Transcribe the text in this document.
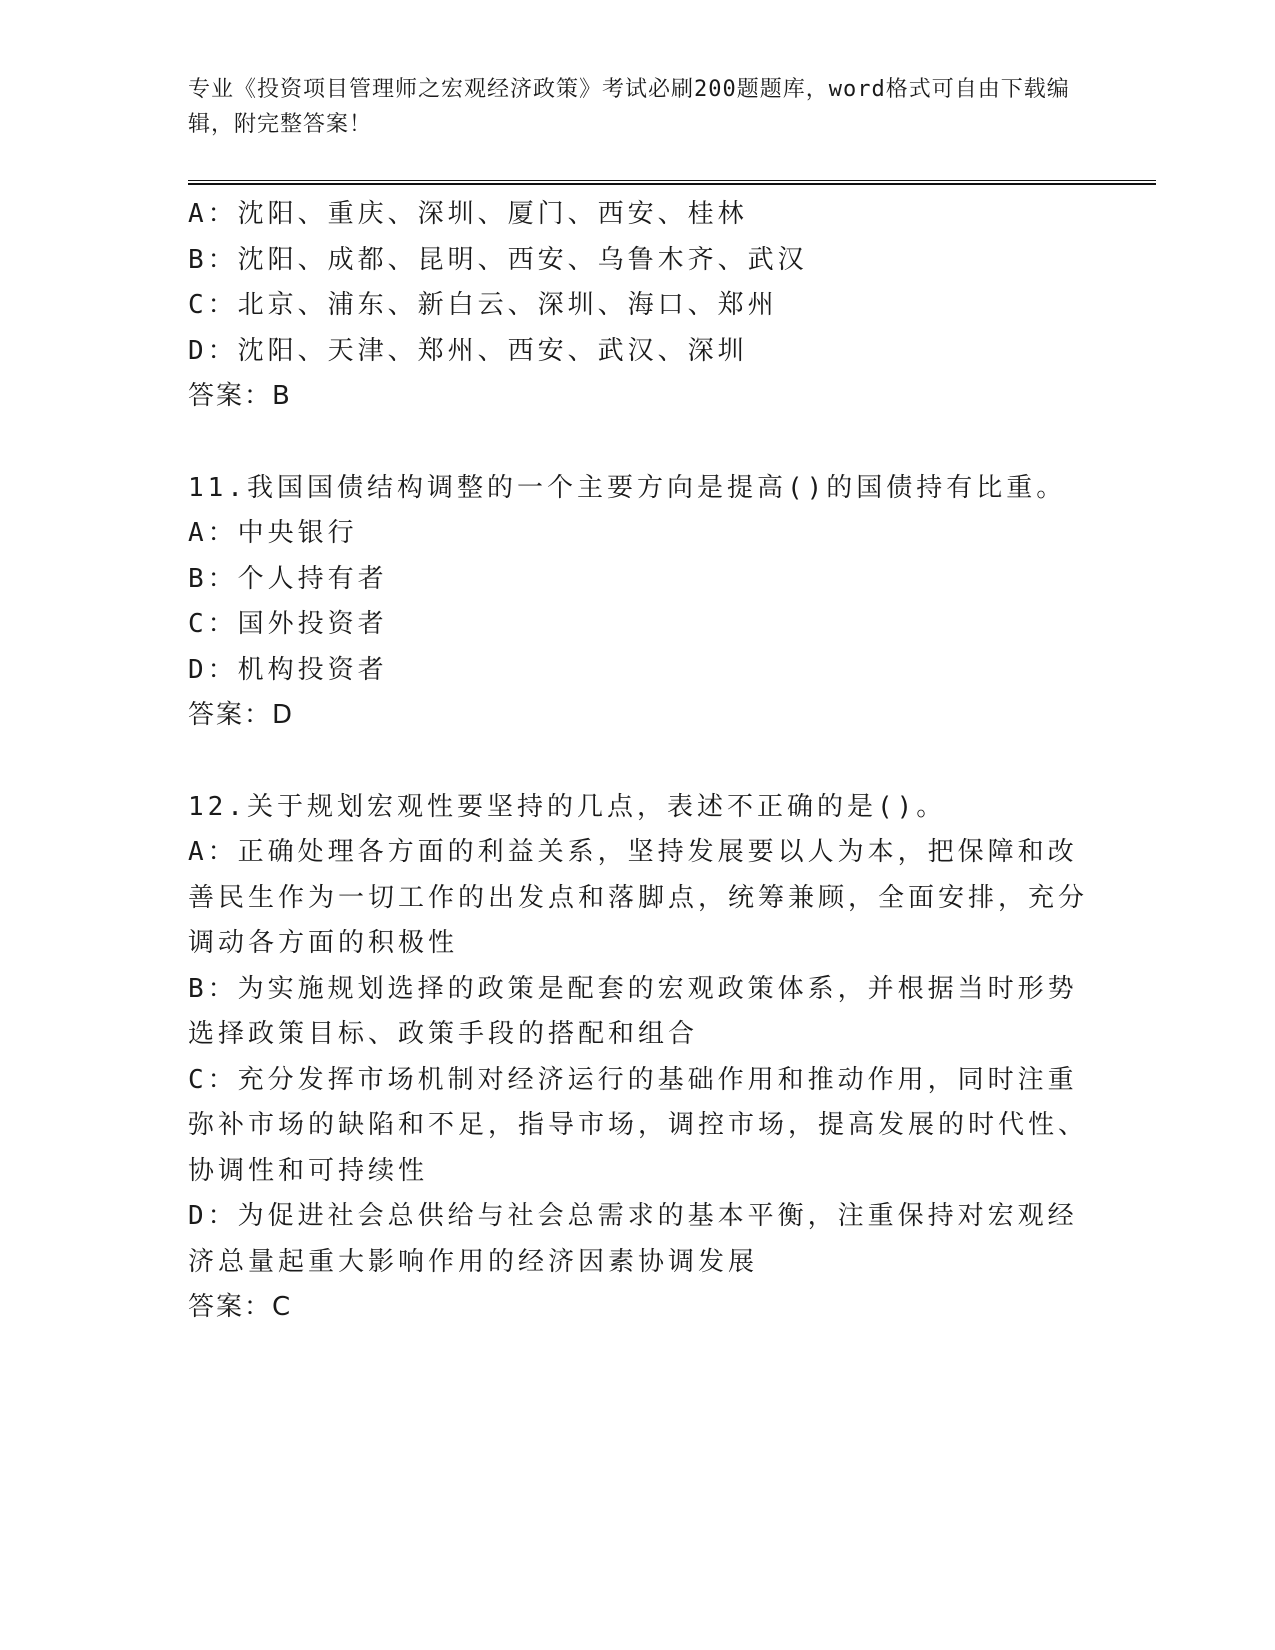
专业《投资项目管理师之宏观经济政策》考试必刷200题题库，word格式可自由下载编辑，附完整答案！
A：沈阳、重庆、深圳、厦门、西安、桂林
B：沈阳、成都、昆明、西安、乌鲁木齐、武汉
C：北京、浦东、新白云、深圳、海口、郑州
D：沈阳、天津、郑州、西安、武汉、深圳
答案：B
11.我国国债结构调整的一个主要方向是提高()的国债持有比重。
A：中央银行
B：个人持有者
C：国外投资者
D：机构投资者
答案：D
12.关于规划宏观性要坚持的几点，表述不正确的是()。
A：正确处理各方面的利益关系，坚持发展要以人为本，把保障和改善民生作为一切工作的出发点和落脚点，统筹兼顾，全面安排，充分调动各方面的积极性
B：为实施规划选择的政策是配套的宏观政策体系，并根据当时形势选择政策目标、政策手段的搭配和组合
C：充分发挥市场机制对经济运行的基础作用和推动作用，同时注重弥补市场的缺陷和不足，指导市场，调控市场，提高发展的时代性、协调性和可持续性
D：为促进社会总供给与社会总需求的基本平衡，注重保持对宏观经济总量起重大影响作用的经济因素协调发展
答案：C
